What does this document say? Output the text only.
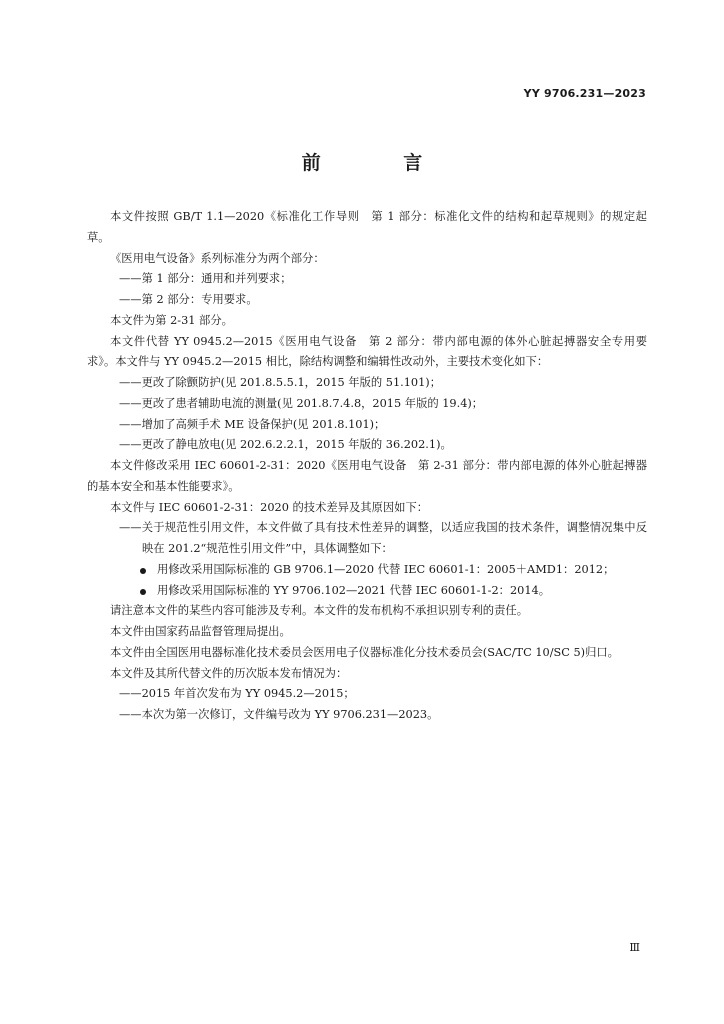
YY 9706.231—2023
前 言

本文件按照 GB/T 1.1—2020《标准化工作导则　第 1 部分：标准化文件的结构和起草规则》的规定起草。

《医用电气设备》系列标准分为两个部分：

——第 1 部分：通用和并列要求；

——第 2 部分：专用要求。

本文件为第 2-31 部分。

本文件代替 YY 0945.2—2015《医用电气设备　第 2 部分：带内部电源的体外心脏起搏器安全专用要求》。本文件与 YY 0945.2—2015 相比，除结构调整和编辑性改动外，主要技术变化如下：

——更改了除颤防护(见 201.8.5.5.1，2015 年版的 51.101)；

——更改了患者辅助电流的测量(见 201.8.7.4.8，2015 年版的 19.4)；

——增加了高频手术 ME 设备保护(见 201.8.101)；

——更改了静电放电(见 202.6.2.2.1，2015 年版的 36.202.1)。

本文件修改采用 IEC 60601-2-31：2020《医用电气设备　第 2-31 部分：带内部电源的体外心脏起搏器的基本安全和基本性能要求》。

本文件与 IEC 60601-2-31：2020 的技术差异及其原因如下：

——关于规范性引用文件，本文件做了具有技术性差异的调整，以适应我国的技术条件，调整情况集中反映在 201.2“规范性引用文件”中，具体调整如下：

用修改采用国际标准的 GB 9706.1—2020 代替 IEC 60601-1：2005＋AMD1：2012；

用修改采用国际标准的 YY 9706.102—2021 代替 IEC 60601-1-2：2014。

请注意本文件的某些内容可能涉及专利。本文件的发布机构不承担识别专利的责任。

本文件由国家药品监督管理局提出。

本文件由全国医用电器标准化技术委员会医用电子仪器标准化分技术委员会(SAC/TC 10/SC 5)归口。

本文件及其所代替文件的历次版本发布情况为：

——2015 年首次发布为 YY 0945.2—2015；

——本次为第一次修订，文件编号改为 YY 9706.231—2023。

Ⅲ
